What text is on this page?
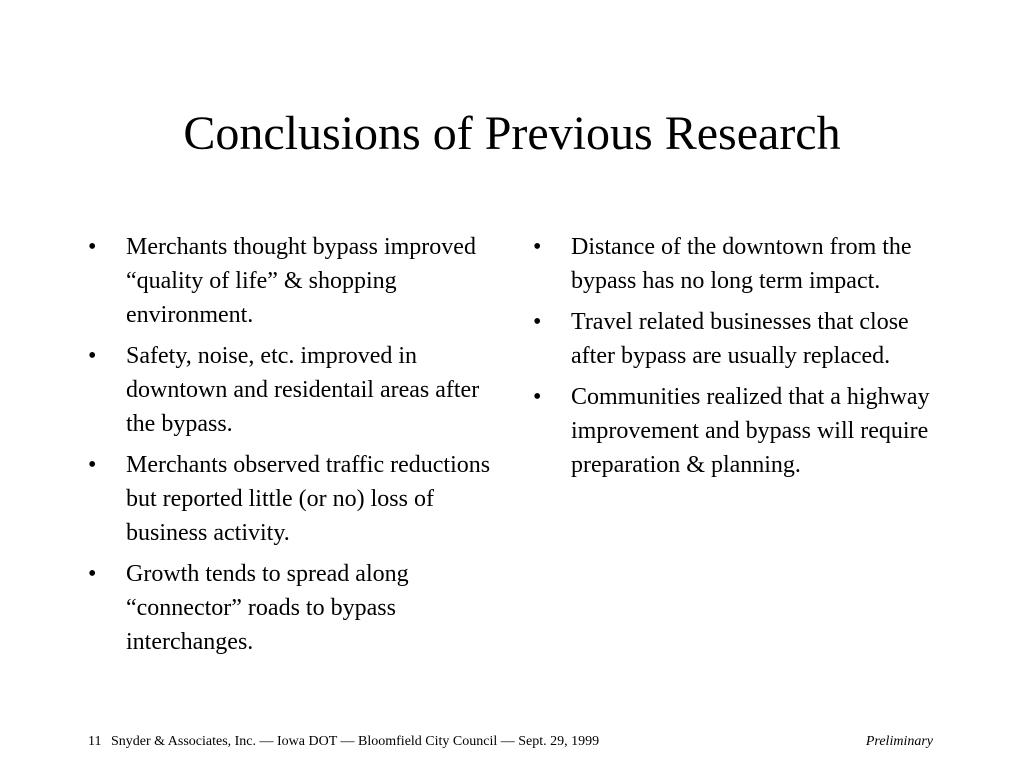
Conclusions of Previous Research
•	Merchants thought bypass improved “quality of life” & shopping environment.
•	Safety, noise, etc. improved in downtown and residentail areas after the bypass.
•	Merchants observed traffic reductions but reported little (or no) loss of business activity.
•	Growth tends to spread along “connector” roads to bypass interchanges.
•	Distance of the downtown from the bypass has no long term impact.
•	Travel related businesses that close after bypass are usually replaced.
•	Communities realized that a highway improvement and bypass will require preparation & planning.
11 Snyder & Associates, Inc. — Iowa DOT — Bloomfield City Council — Sept. 29, 1999	Preliminary
